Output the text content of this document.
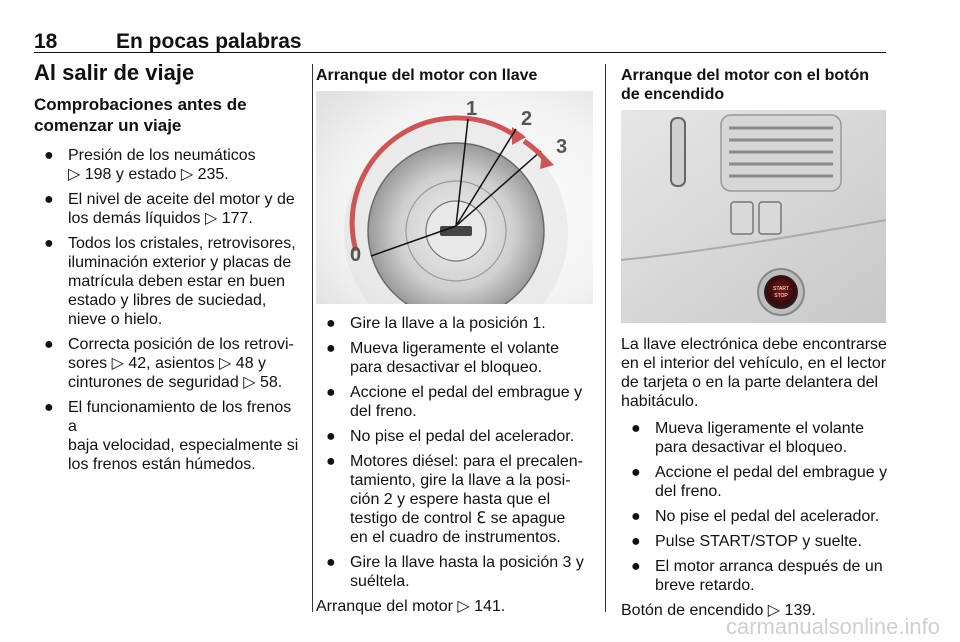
18	En pocas palabras
Al salir de viaje
Comprobaciones antes de
comenzar un viaje
● Presión de los neumáticos
▷ 198 y estado ▷ 235.
● El nivel de aceite del motor y de
los demás líquidos ▷ 177.
● Todos los cristales, retrovisores,
iluminación exterior y placas de
matrícula deben estar en buen
estado y libres de suciedad,
nieve o hielo.
● Correcta posición de los retrovi-
sores ▷ 42, asientos ▷ 48 y
cinturones de seguridad ▷ 58.
● El funcionamiento de los frenos a
baja velocidad, especialmente si
los frenos están húmedos.
Arranque del motor con llave
1 2
3
0
● Gire la llave a la posición 1.
● Mueva ligeramente el volante
para desactivar el bloqueo.
● Accione el pedal del embrague y
del freno.
● No pise el pedal del acelerador.
● Motores diésel: para el precalen-
tamiento, gire la llave a la posi-
ción 2 y espere hasta que el
testigo de control ℇ se apague
en el cuadro de instrumentos.
● Gire la llave hasta la posición 3 y
suéltela.

Arranque del motor ▷ 141.

Arranque del motor con el botón
de encendido
START
STOP

La llave electrónica debe encontrarse
en el interior del vehículo, en el lector
de tarjeta o en la parte delantera del
habitáculo.

● Mueva ligeramente el volante
para desactivar el bloqueo.
● Accione el pedal del embrague y
del freno.
● No pise el pedal del acelerador.
● Pulse START/STOP y suelte.
● El motor arranca después de un
breve retardo.

Botón de encendido ▷ 139.

carmanualsonline.info
